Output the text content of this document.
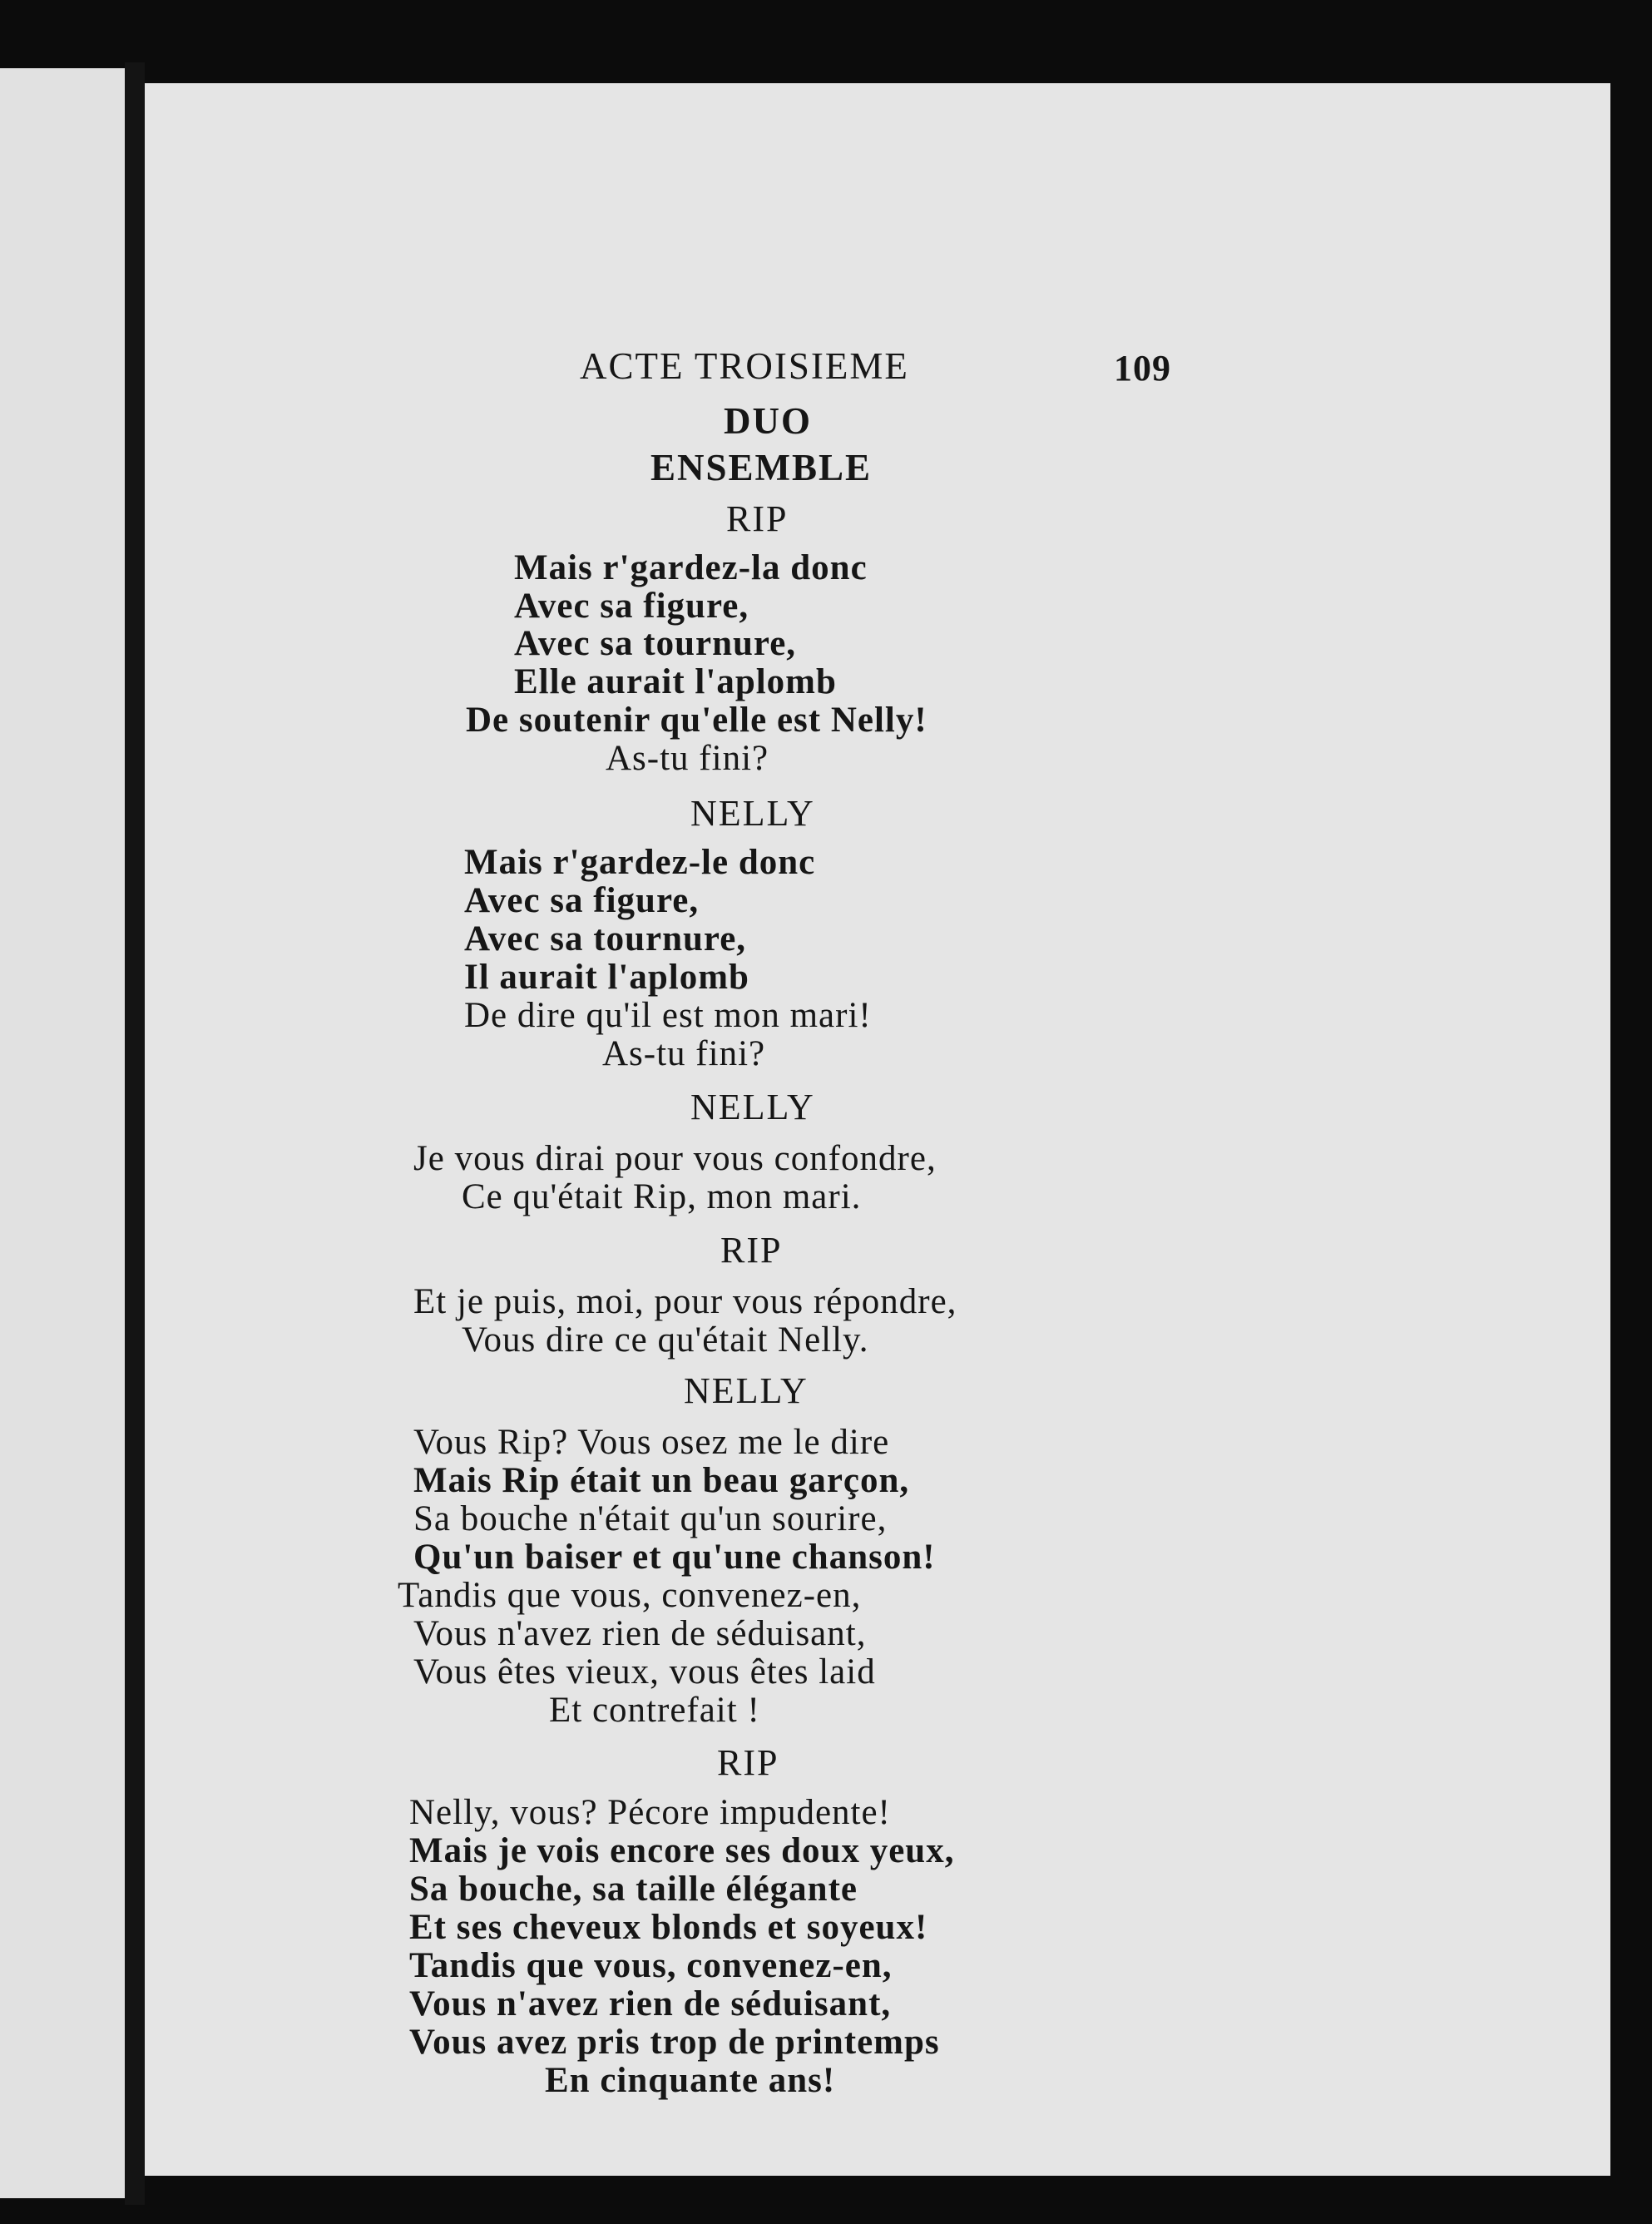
ACTE TROISIEME	109
DUO
ENSEMBLE
RIP
Mais r'gardez-la donc
Avec sa figure,
Avec sa tournure,
Elle aurait l'aplomb
De soutenir qu'elle est Nelly!
As-tu fini?
NELLY
Mais r'gardez-le donc
Avec sa figure,
Avec sa tournure,
Il aurait l'aplomb
De dire qu'il est mon mari!
As-tu fini?
NELLY
Je vous dirai pour vous confondre,
Ce qu'était Rip, mon mari.
RIP
Et je puis, moi, pour vous répondre,
Vous dire ce qu'était Nelly.
NELLY
Vous Rip? Vous osez me le dire
Mais Rip était un beau garçon,
Sa bouche n'était qu'un sourire,
Qu'un baiser et qu'une chanson!
Tandis que vous, convenez-en,
Vous n'avez rien de séduisant,
Vous êtes vieux, vous êtes laid
Et contrefait !
RIP
Nelly, vous? Pécore impudente!
Mais je vois encore ses doux yeux,
Sa bouche, sa taille élégante
Et ses cheveux blonds et soyeux!
Tandis que vous, convenez-en,
Vous n'avez rien de séduisant,
Vous avez pris trop de printemps
En cinquante ans!
